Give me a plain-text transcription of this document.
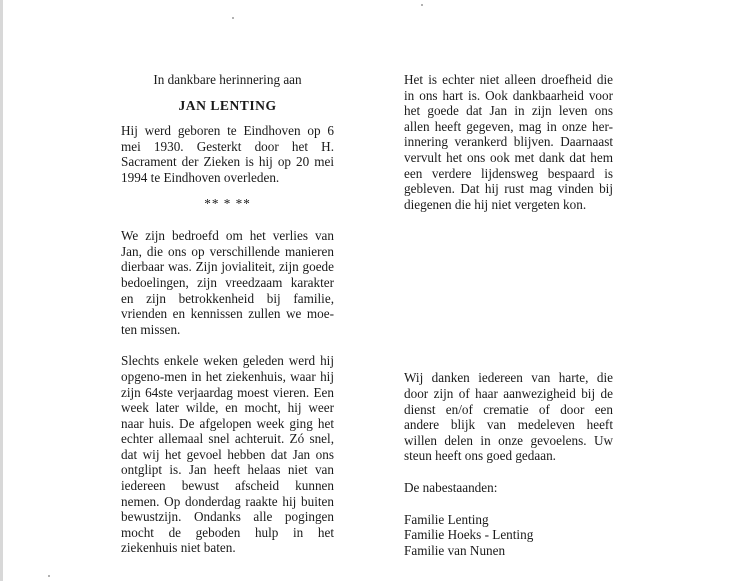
In dankbare herinnering aan
JAN LENTING
Hij werd geboren te Eindhoven op 6 mei 1930. Gesterkt door het H. Sacrament der Zieken is hij op 20 mei 1994 te Eindhoven overleden.
** * **
We zijn bedroefd om het verlies van Jan, die ons op verschillende manieren dierbaar was. Zijn jovialiteit, zijn goede bedoelingen, zijn vreedzaam karakter en zijn betrokkenheid bij familie, vrienden en kennissen zullen we moe-ten missen.
Slechts enkele weken geleden werd hij opgeno-men in het ziekenhuis, waar hij zijn 64ste verjaardag moest vieren. Een week later wilde, en mocht, hij weer naar huis. De afgelopen week ging het echter allemaal snel achteruit. Zó snel, dat wij het gevoel hebben dat Jan ons ontglipt is. Jan heeft helaas niet van iedereen bewust afscheid kunnen nemen. Op donderdag raakte hij buiten bewustzijn. Ondanks alle pogingen mocht de geboden hulp in het ziekenhuis niet baten.
Het is echter niet alleen droefheid die in ons hart is. Ook dankbaarheid voor het goede dat Jan in zijn leven ons allen heeft gegeven, mag in onze her-innering verankerd blijven. Daarnaast vervult het ons ook met dank dat hem een verdere lijdensweg bespaard is gebleven. Dat hij rust mag vinden bij diegenen die hij niet vergeten kon.
Wij danken iedereen van harte, die door zijn of haar aanwezigheid bij de dienst en/of crematie of door een andere blijk van medeleven heeft willen delen in onze gevoelens. Uw steun heeft ons goed gedaan.
De nabestaanden:
Familie Lenting
Familie Hoeks - Lenting
Familie van Nunen
